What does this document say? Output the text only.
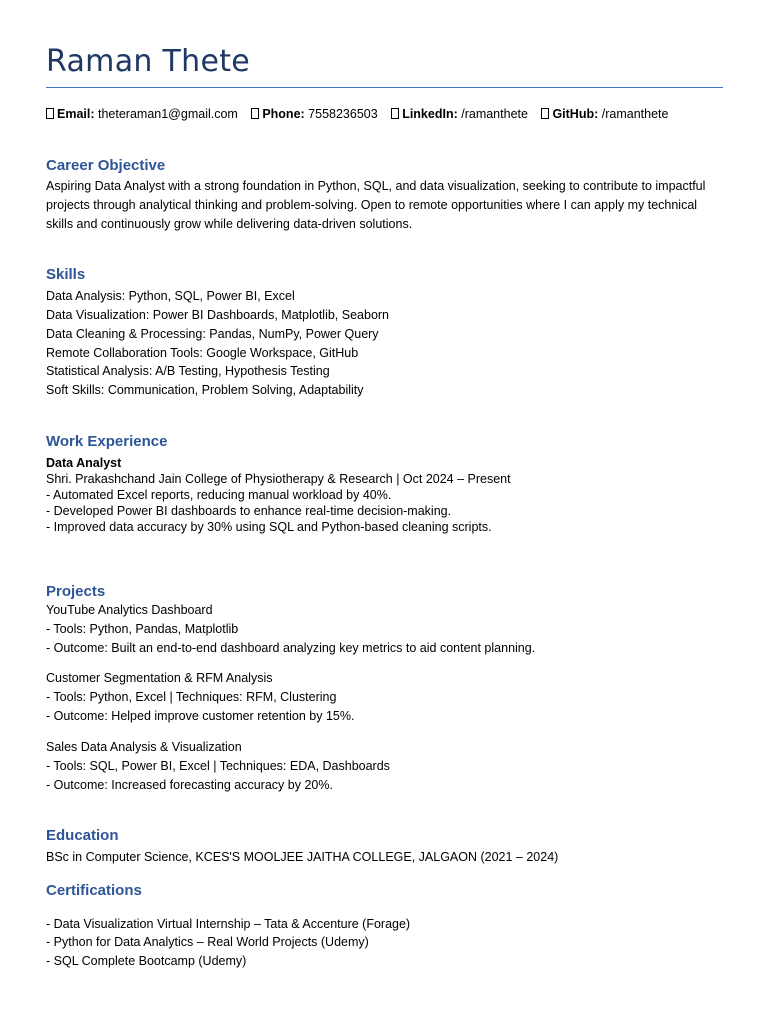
Raman Thete
Email: theteraman1@gmail.com Phone: 7558236503 LinkedIn: /ramanthete GitHub: /ramanthete
Career Objective
Aspiring Data Analyst with a strong foundation in Python, SQL, and data visualization, seeking to contribute to impactful projects through analytical thinking and problem-solving. Open to remote opportunities where I can apply my technical skills and continuously grow while delivering data-driven solutions.
Skills
Data Analysis: Python, SQL, Power BI, Excel
Data Visualization: Power BI Dashboards, Matplotlib, Seaborn
Data Cleaning & Processing: Pandas, NumPy, Power Query
Remote Collaboration Tools: Google Workspace, GitHub
Statistical Analysis: A/B Testing, Hypothesis Testing
Soft Skills: Communication, Problem Solving, Adaptability
Work Experience
Data Analyst
Shri. Prakashchand Jain College of Physiotherapy & Research | Oct 2024 – Present
- Automated Excel reports, reducing manual workload by 40%.
- Developed Power BI dashboards to enhance real-time decision-making.
- Improved data accuracy by 30% using SQL and Python-based cleaning scripts.
Projects
YouTube Analytics Dashboard
- Tools: Python, Pandas, Matplotlib
- Outcome: Built an end-to-end dashboard analyzing key metrics to aid content planning.
Customer Segmentation & RFM Analysis
- Tools: Python, Excel | Techniques: RFM, Clustering
- Outcome: Helped improve customer retention by 15%.
Sales Data Analysis & Visualization
- Tools: SQL, Power BI, Excel | Techniques: EDA, Dashboards
- Outcome: Increased forecasting accuracy by 20%.
Education
BSc in Computer Science, KCES'S MOOLJEE JAITHA COLLEGE, JALGAON (2021 – 2024)
Certifications
- Data Visualization Virtual Internship – Tata & Accenture (Forage)
- Python for Data Analytics – Real World Projects (Udemy)
- SQL Complete Bootcamp (Udemy)
